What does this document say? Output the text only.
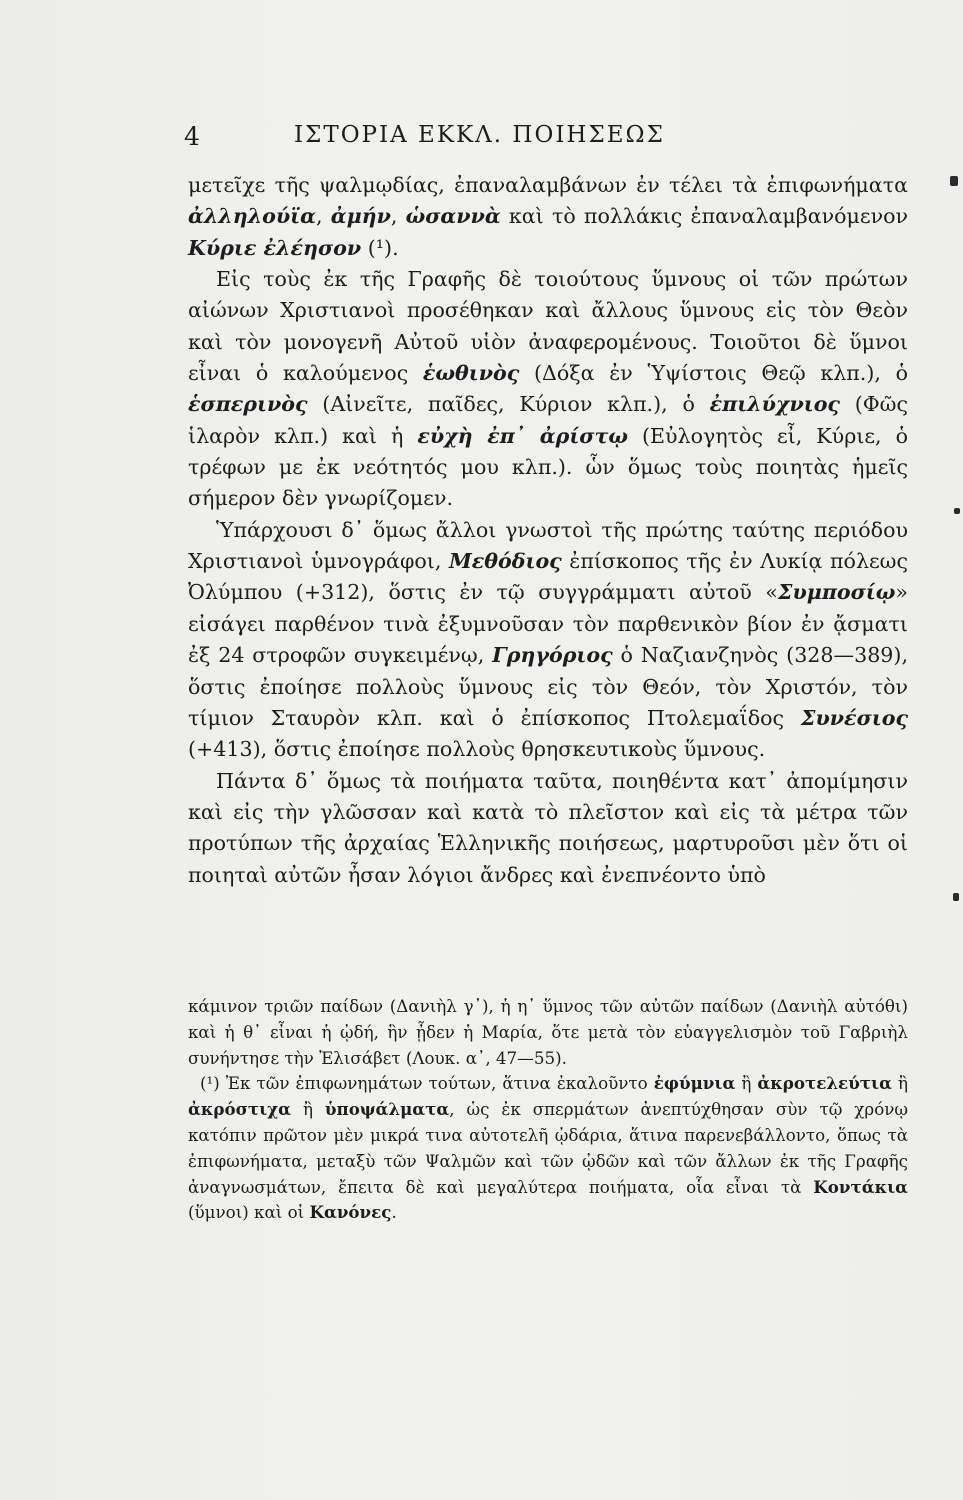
4	ΙΣΤΟΡΙΑ ΕΚΚΛ. ΠΟΙΗΣΕΩΣ

μετεῖχε τῆς ψαλμῳδίας, ἐπαναλαμβάνων ἐν τέλει τὰ ἐπιφωνήματα ἀλληλούϊα, ἀμήν, ὡσαννὰ καὶ τὸ πολλάκις ἐπαναλαμβανόμενον Κύριε ἐλέησον (¹).

Εἰς τοὺς ἐκ τῆς Γραφῆς δὲ τοιούτους ὕμνους οἱ τῶν πρώτων αἰώνων Χριστιανοὶ προσέθηκαν καὶ ἄλλους ὕμνους εἰς τὸν Θεὸν καὶ τὸν μονογενῆ Αὐτοῦ υἱὸν ἀναφερομένους. Τοιοῦτοι δὲ ὕμνοι εἶναι ὁ καλούμενος ἑωθινὸς (Δόξα ἐν Ὑψίστοις Θεῷ κλπ.), ὁ ἑσπερινὸς (Αἰνεῖτε, παῖδες, Κύριον κλπ.), ὁ ἐπιλύχνιος (Φῶς ἱλαρὸν κλπ.) καὶ ἡ εὐχὴ ἐπ᾽ ἀρίστῳ (Εὐλογητὸς εἶ, Κύριε, ὁ τρέφων με ἐκ νεότητός μου κλπ.). ὧν ὅμως τοὺς ποιητὰς ἡμεῖς σήμερον δὲν γνωρίζομεν.

Ὑπάρχουσι δ᾽ ὅμως ἄλλοι γνωστοὶ τῆς πρώτης ταύτης περιόδου Χριστιανοὶ ὑμνογράφοι, Μεθόδιος ἐπίσκοπος τῆς ἐν Λυκίᾳ πόλεως Ὀλύμπου (+312), ὅστις ἐν τῷ συγγράμματι αὐτοῦ «Συμποσίῳ» εἰσάγει παρθένον τινὰ ἐξυμνοῦσαν τὸν παρθενικὸν βίον ἐν ᾄσματι ἐξ 24 στροφῶν συγκειμένῳ, Γρηγόριος ὁ Ναζιανζηνὸς (328—389), ὅστις ἐποίησε πολλοὺς ὕμνους εἰς τὸν Θεόν, τὸν Χριστόν, τὸν τίμιον Σταυρὸν κλπ. καὶ ὁ ἐπίσκοπος Πτολεμαΐδος Συνέσιος (+413), ὅστις ἐποίησε πολλοὺς θρησκευτικοὺς ὕμνους.

Πάντα δ᾽ ὅμως τὰ ποιήματα ταῦτα, ποιηθέντα κατ᾽ ἀπομίμησιν καὶ εἰς τὴν γλῶσσαν καὶ κατὰ τὸ πλεῖστον καὶ εἰς τὰ μέτρα τῶν προτύπων τῆς ἀρχαίας Ἑλληνικῆς ποιήσεως, μαρτυροῦσι μὲν ὅτι οἱ ποιηταὶ αὐτῶν ἦσαν λόγιοι ἄνδρες καὶ ἐνεπνέοντο ὑπὸ

κάμινον τριῶν παίδων (Δανιὴλ γ᾽), ἡ η᾽ ὕμνος τῶν αὐτῶν παίδων (Δανιὴλ αὐτόθι) καὶ ἡ θ᾽ εἶναι ἡ ᾠδή, ἣν ᾖδεν ἡ Μαρία, ὅτε μετὰ τὸν εὐαγγελισμὸν τοῦ Γαβριὴλ συνήντησε τὴν Ἐλισάβετ (Λουκ. α᾽, 47—55).

(¹) Ἐκ τῶν ἐπιφωνημάτων τούτων, ἅτινα ἐκαλοῦντο ἐφύμνια ἢ ἀκροτελεύτια ἢ ἀκρόστιχα ἢ ὑποψάλματα, ὡς ἐκ σπερμάτων ἀνεπτύχθησαν σὺν τῷ χρόνῳ κατόπιν πρῶτον μὲν μικρά τινα αὐτοτελῆ ᾠδάρια, ἅτινα παρενεβάλλοντο, ὅπως τὰ ἐπιφωνήματα, μεταξὺ τῶν Ψαλμῶν καὶ τῶν ᾠδῶν καὶ τῶν ἄλλων ἐκ τῆς Γραφῆς ἀναγνωσμάτων, ἔπειτα δὲ καὶ μεγαλύτερα ποιήματα, οἷα εἶναι τὰ Κοντάκια (ὕμνοι) καὶ οἱ Κανόνες.
